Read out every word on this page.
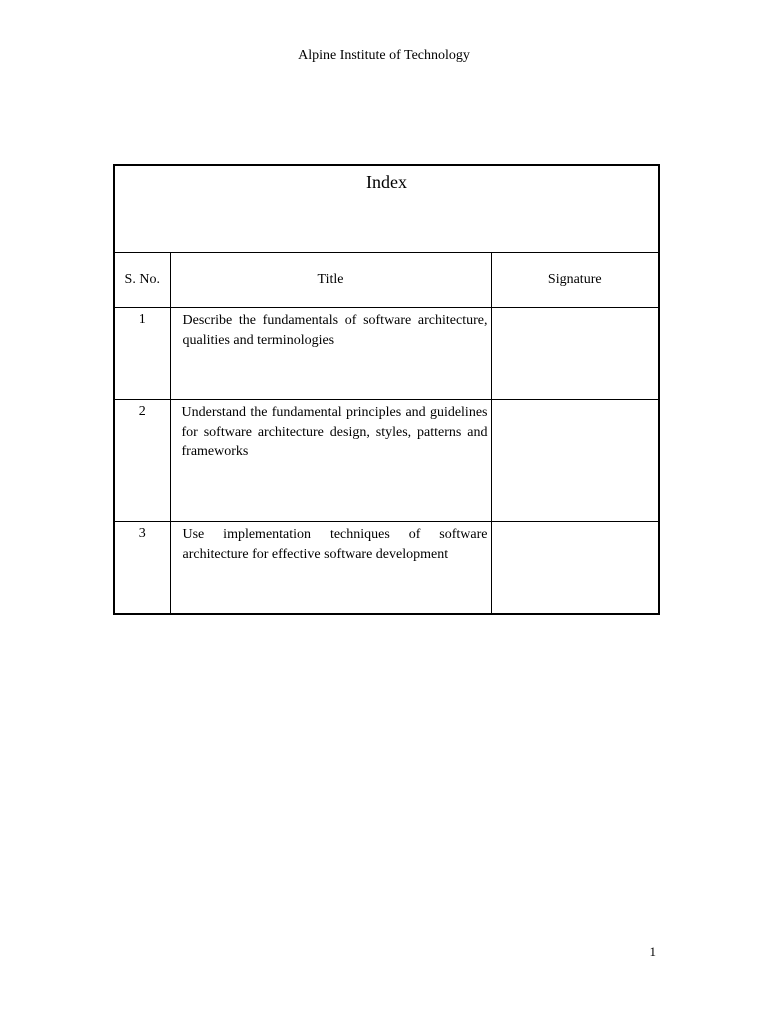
Alpine Institute of Technology
Index		
S. No.	Title	Signature
1	Describe the fundamentals of software architecture, qualities and terminologies	
2	Understand the fundamental principles and guidelines for software architecture design, styles, patterns and frameworks	
3	Use implementation techniques of software architecture for effective software development	
1
